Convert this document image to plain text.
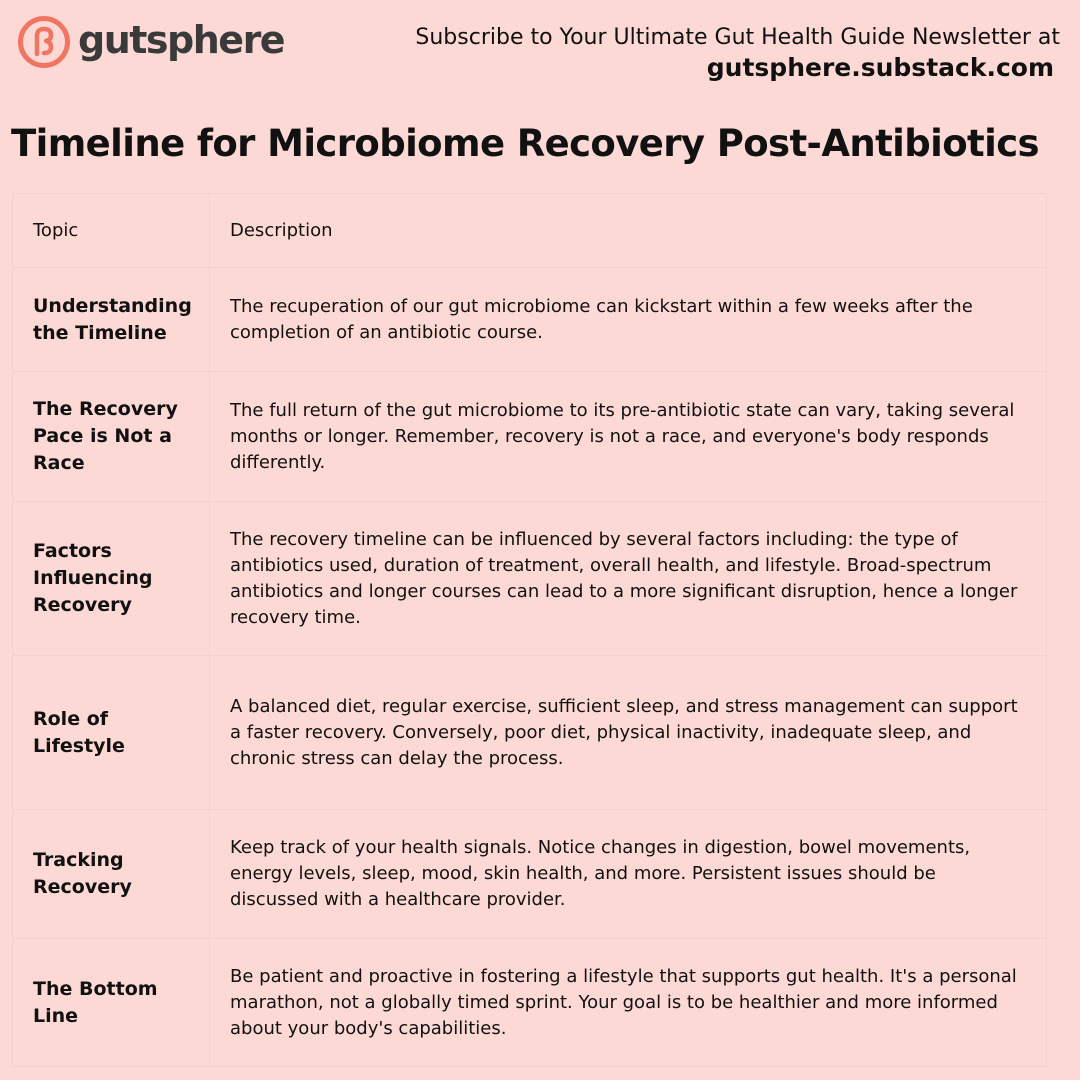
gutsphere	Subscribe to Your Ultimate Gut Health Guide Newsletter at
gutsphere.substack.com
Timeline for Microbiome Recovery Post-Antibiotics
Topic	Description
Understanding the Timeline	The recuperation of our gut microbiome can kickstart within a few weeks after the completion of an antibiotic course.
The Recovery Pace is Not a Race	The full return of the gut microbiome to its pre-antibiotic state can vary, taking several months or longer. Remember, recovery is not a race, and everyone's body responds differently.
Factors Influencing Recovery	The recovery timeline can be influenced by several factors including: the type of antibiotics used, duration of treatment, overall health, and lifestyle. Broad-spectrum antibiotics and longer courses can lead to a more significant disruption, hence a longer recovery time.
Role of Lifestyle	A balanced diet, regular exercise, sufficient sleep, and stress management can support a faster recovery. Conversely, poor diet, physical inactivity, inadequate sleep, and chronic stress can delay the process.
Tracking Recovery	Keep track of your health signals. Notice changes in digestion, bowel movements, energy levels, sleep, mood, skin health, and more. Persistent issues should be discussed with a healthcare provider.
The Bottom Line	Be patient and proactive in fostering a lifestyle that supports gut health. It's a personal marathon, not a globally timed sprint. Your goal is to be healthier and more informed about your body's capabilities.
